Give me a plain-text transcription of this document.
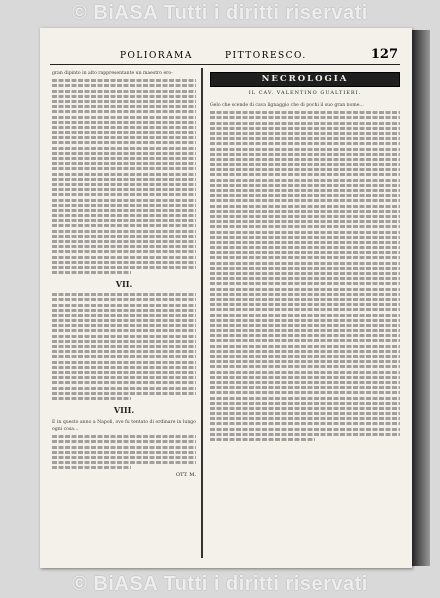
© BiASA Tutti i diritti riservati
POLIORAMA	PITTORESCO.	127

gran dipinto in alto rappresentante un maestro ero-

VII.
VIII.

E in questo anno a Napoli, ove fu tentato di ordinare in lungo ogni cosa...

OTT. M.
NECROLOGIA
IL CAV. VALENTINO GUALTIERI.

Gelo che scende di cava lignaggio che di pochi il suo gran nome...

© BiASA Tutti i diritti riservati
